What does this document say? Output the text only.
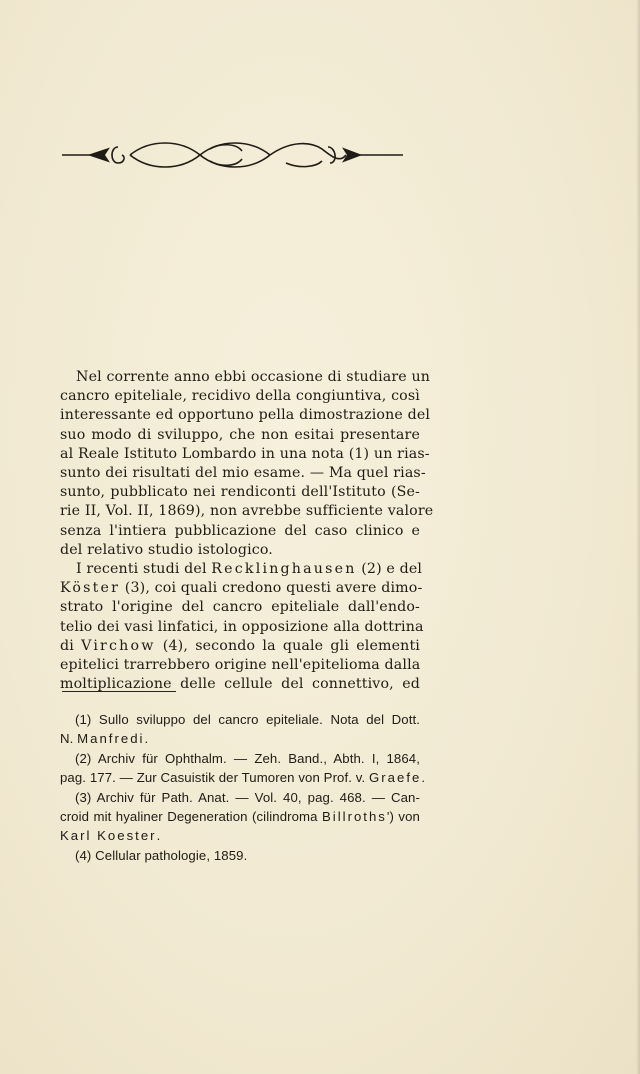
Nel corrente anno ebbi occasione di studiare un
cancro epiteliale, recidivo della congiuntiva, così
interessante ed opportuno pella dimostrazione del
suo modo di sviluppo, che non esitai presentare
al Reale Istituto Lombardo in una nota (1) un rias-
sunto dei risultati del mio esame. — Ma quel rias-
sunto, pubblicato nei rendiconti dell'Istituto (Se-
rie II, Vol. II, 1869), non avrebbe sufficiente valore
senza l'intiera pubblicazione del caso clinico e
del relativo studio istologico.
I recenti studi del Recklinghausen (2) e del
Köster (3), coi quali credono questi avere dimo-
strato l'origine del cancro epiteliale dall'endo-
telio dei vasi linfatici, in opposizione alla dottrina
di Virchow (4), secondo la quale gli elementi
epitelici trarrebbero origine nell'epitelioma dalla
moltiplicazione delle cellule del connettivo, ed
(1) Sullo sviluppo del cancro epiteliale. Nota del Dott.
N. Manfredi.
(2) Archiv für Ophthalm. — Zeh. Band., Abth. I, 1864,
pag. 177. — Zur Casuistik der Tumoren von Prof. v. Graefe.
(3) Archiv für Path. Anat. — Vol. 40, pag. 468. — Can-
croid mit hyaliner Degeneration (cilindroma Billroths') von
Karl Koester.
(4) Cellular pathologie, 1859.
